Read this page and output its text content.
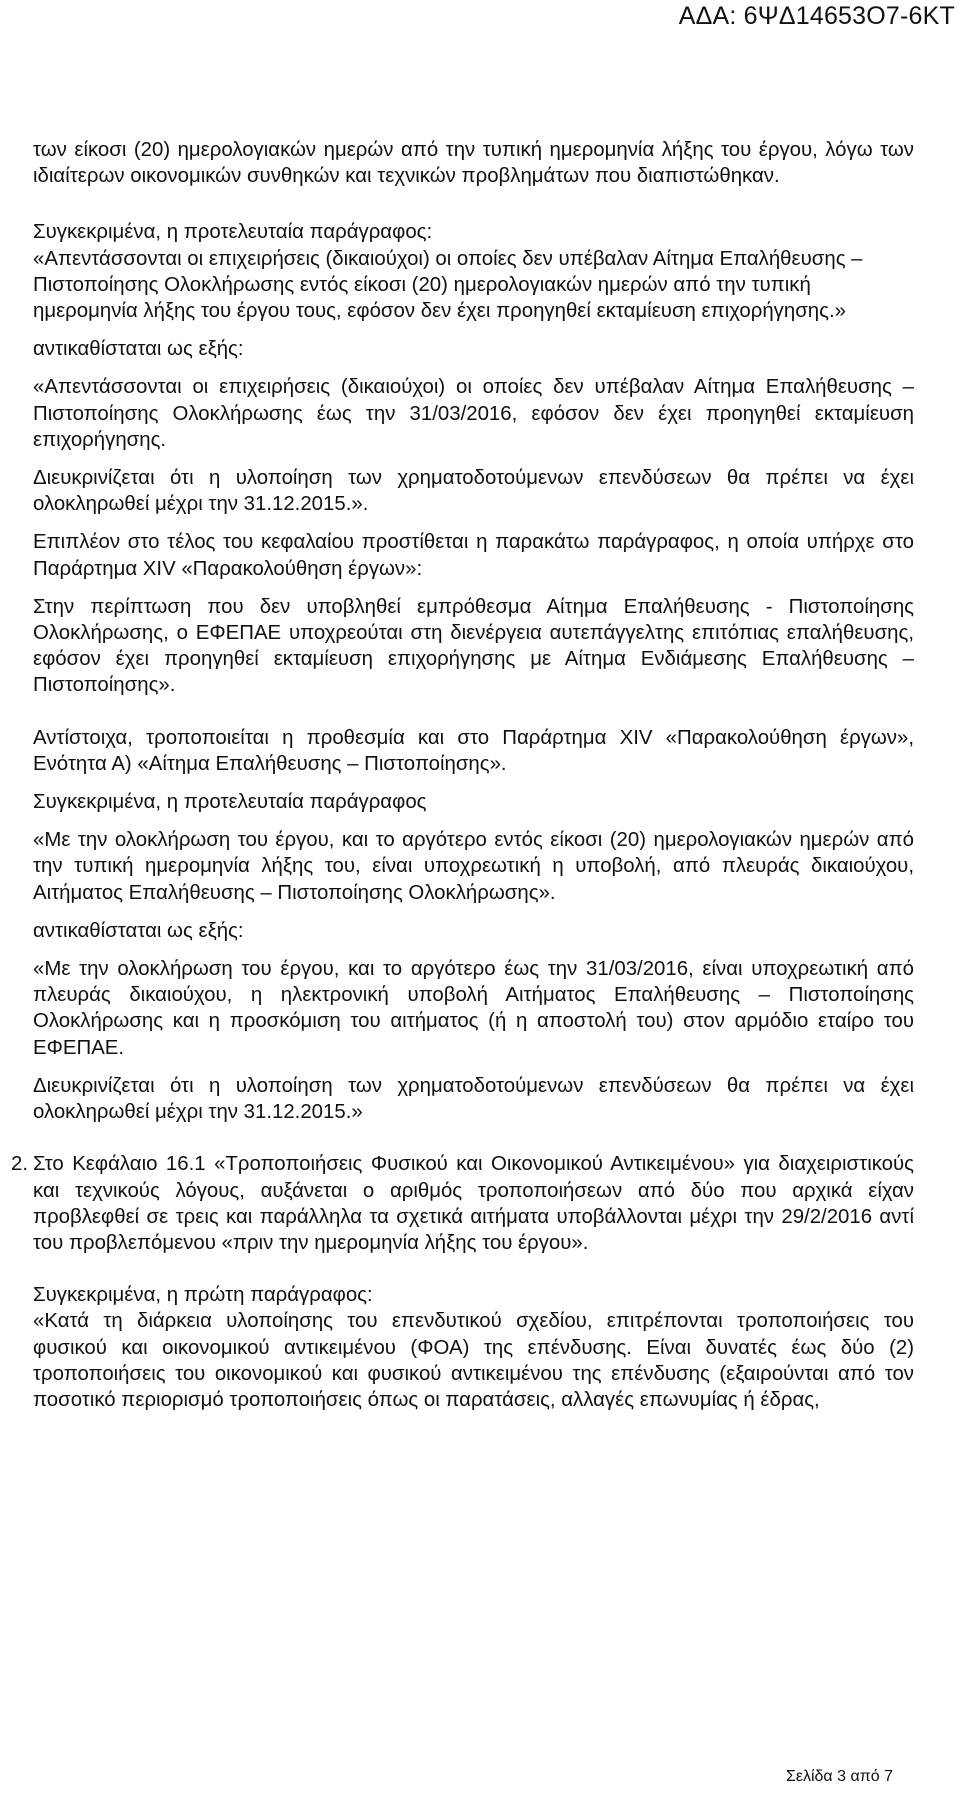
ΑΔΑ: 6ΨΔ14653Ο7-6ΚΤ

των είκοσι (20) ημερολογιακών ημερών από την τυπική ημερομηνία λήξης του έργου, λόγω των ιδιαίτερων οικονομικών συνθηκών και τεχνικών προβλημάτων που διαπιστώθηκαν.

Συγκεκριμένα, η προτελευταία παράγραφος:

«Απεντάσσονται οι επιχειρήσεις (δικαιούχοι) οι οποίες δεν υπέβαλαν Αίτημα Επαλήθευσης – Πιστοποίησης Ολοκλήρωσης εντός είκοσι (20) ημερολογιακών ημερών από την τυπική ημερομηνία λήξης του έργου τους, εφόσον δεν έχει προηγηθεί εκταμίευση επιχορήγησης.»

αντικαθίσταται ως εξής:

«Απεντάσσονται οι επιχειρήσεις (δικαιούχοι) οι οποίες δεν υπέβαλαν Αίτημα Επαλήθευσης – Πιστοποίησης Ολοκλήρωσης έως την 31/03/2016, εφόσον δεν έχει προηγηθεί εκταμίευση επιχορήγησης.

Διευκρινίζεται ότι η υλοποίηση των χρηματοδοτούμενων επενδύσεων θα πρέπει να έχει ολοκληρωθεί μέχρι την 31.12.2015.».

Επιπλέον στο τέλος του κεφαλαίου προστίθεται η παρακάτω παράγραφος, η οποία υπήρχε στο Παράρτημα XIV «Παρακολούθηση έργων»:

Στην περίπτωση που δεν υποβληθεί εμπρόθεσμα Αίτημα Επαλήθευσης - Πιστοποίησης Ολοκλήρωσης, ο ΕΦΕΠΑΕ υποχρεούται στη διενέργεια αυτεπάγγελτης επιτόπιας επαλήθευσης, εφόσον έχει προηγηθεί εκταμίευση επιχορήγησης με Αίτημα Ενδιάμεσης Επαλήθευσης – Πιστοποίησης».

Αντίστοιχα, τροποποιείται η προθεσμία και στο Παράρτημα XIV «Παρακολούθηση έργων», Ενότητα Α) «Αίτημα Επαλήθευσης – Πιστοποίησης».

Συγκεκριμένα, η προτελευταία παράγραφος

«Με την ολοκλήρωση του έργου, και το αργότερο εντός είκοσι (20) ημερολογιακών ημερών από την τυπική ημερομηνία λήξης του, είναι υποχρεωτική η υποβολή, από πλευράς δικαιούχου, Αιτήματος Επαλήθευσης – Πιστοποίησης Ολοκλήρωσης».

αντικαθίσταται ως εξής:

«Με την ολοκλήρωση του έργου, και το αργότερο έως την 31/03/2016, είναι υποχρεωτική από πλευράς δικαιούχου, η ηλεκτρονική υποβολή Αιτήματος Επαλήθευσης – Πιστοποίησης Ολοκλήρωσης και η προσκόμιση του αιτήματος (ή η αποστολή του) στον αρμόδιο εταίρο του ΕΦΕΠΑΕ.

Διευκρινίζεται ότι η υλοποίηση των χρηματοδοτούμενων επενδύσεων θα πρέπει να έχει ολοκληρωθεί μέχρι την 31.12.2015.»

2. Στο Κεφάλαιο 16.1 «Τροποποιήσεις Φυσικού και Οικονομικού Αντικειμένου» για διαχειριστικούς και τεχνικούς λόγους, αυξάνεται ο αριθμός τροποποιήσεων από δύο που αρχικά είχαν προβλεφθεί σε τρεις και παράλληλα τα σχετικά αιτήματα υποβάλλονται μέχρι την 29/2/2016 αντί του προβλεπόμενου «πριν την ημερομηνία λήξης του έργου».

Συγκεκριμένα, η πρώτη παράγραφος:

«Κατά τη διάρκεια υλοποίησης του επενδυτικού σχεδίου, επιτρέπονται τροποποιήσεις του φυσικού και οικονομικού αντικειμένου (ΦΟΑ) της επένδυσης. Είναι δυνατές έως δύο (2) τροποποιήσεις του οικονομικού και φυσικού αντικειμένου της επένδυσης (εξαιρούνται από τον ποσοτικό περιορισμό τροποποιήσεις όπως οι παρατάσεις, αλλαγές επωνυμίας ή έδρας,

Σελίδα 3 από 7
